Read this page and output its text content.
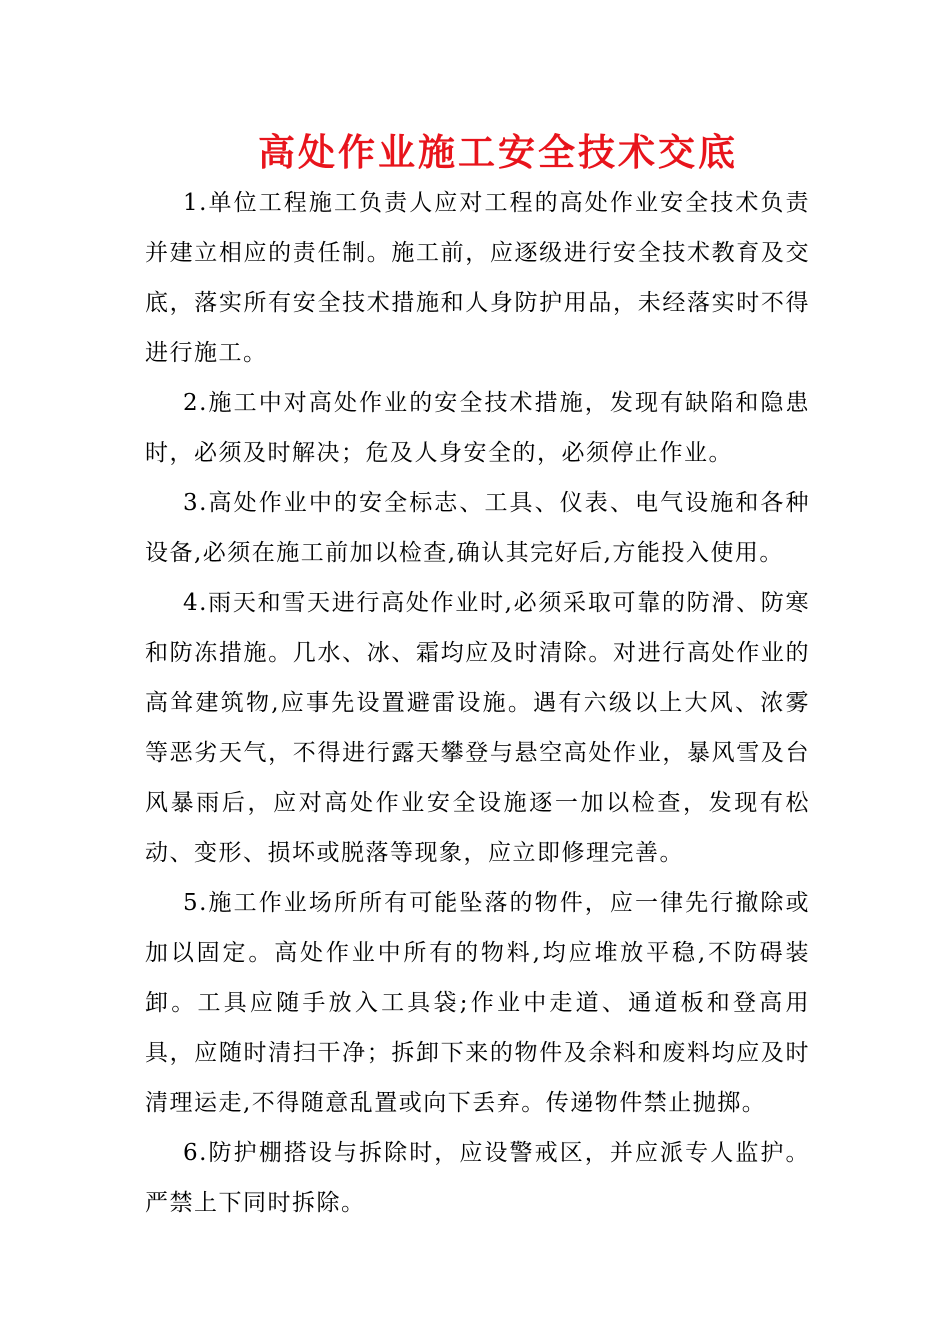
高处作业施工安全技术交底

1.单位工程施工负责人应对工程的高处作业安全技术负责并建立相应的责任制。施工前，应逐级进行安全技术教育及交底，落实所有安全技术措施和人身防护用品，未经落实时不得进行施工。

2.施工中对高处作业的安全技术措施，发现有缺陷和隐患时，必须及时解决；危及人身安全的，必须停止作业。

3.高处作业中的安全标志、工具、仪表、电气设施和各种设备,必须在施工前加以检查,确认其完好后,方能投入使用。

4.雨天和雪天进行高处作业时,必须采取可靠的防滑、防寒和防冻措施。几水、冰、霜均应及时清除。对进行高处作业的高耸建筑物,应事先设置避雷设施。遇有六级以上大风、浓雾等恶劣天气，不得进行露天攀登与悬空高处作业，暴风雪及台风暴雨后，应对高处作业安全设施逐一加以检查，发现有松动、变形、损坏或脱落等现象，应立即修理完善。

5.施工作业场所所有可能坠落的物件，应一律先行撤除或加以固定。高处作业中所有的物料,均应堆放平稳,不防碍装卸。工具应随手放入工具袋;作业中走道、通道板和登高用具，应随时清扫干净；拆卸下来的物件及余料和废料均应及时清理运走,不得随意乱置或向下丢弃。传递物件禁止抛掷。

6.防护棚搭设与拆除时，应设警戒区，并应派专人监护。严禁上下同时拆除。
